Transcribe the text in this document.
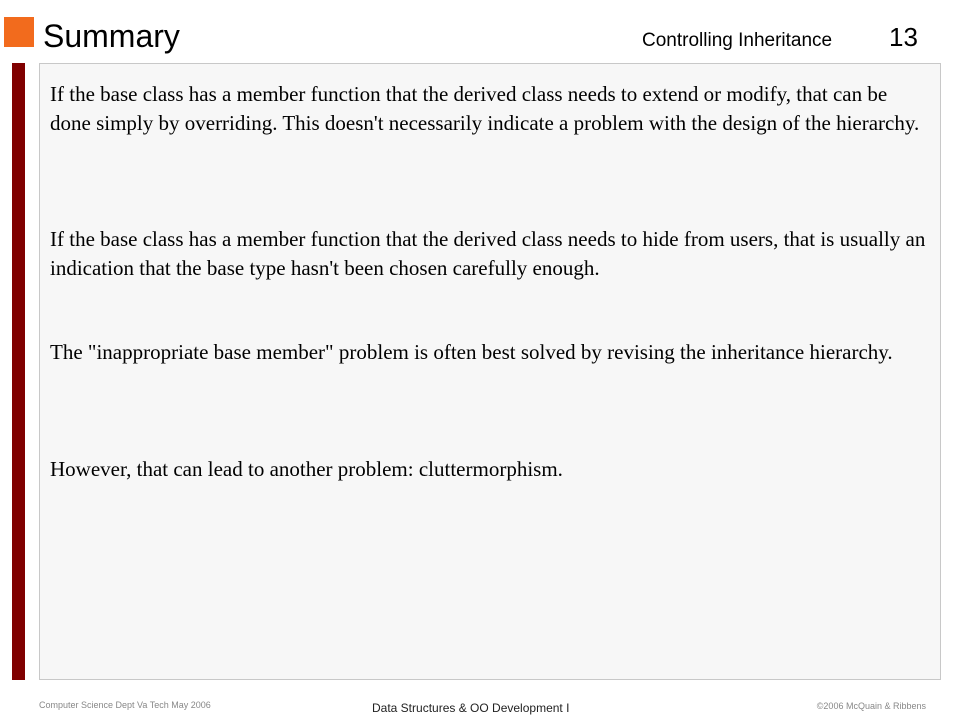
Summary	Controlling Inheritance 13

If the base class has a member function that the derived class needs to extend or modify, that can be done simply by overriding. This doesn't necessarily indicate a problem with the design of the hierarchy.

If the base class has a member function that the derived class needs to hide from users, that is usually an indication that the base type hasn't been chosen carefully enough.

The "inappropriate base member" problem is often best solved by revising the inheritance hierarchy.

However, that can lead to another problem: cluttermorphism.

Computer Science Dept Va Tech May 2006	Data Structures & OO Development I	©2006 McQuain & Ribbens
